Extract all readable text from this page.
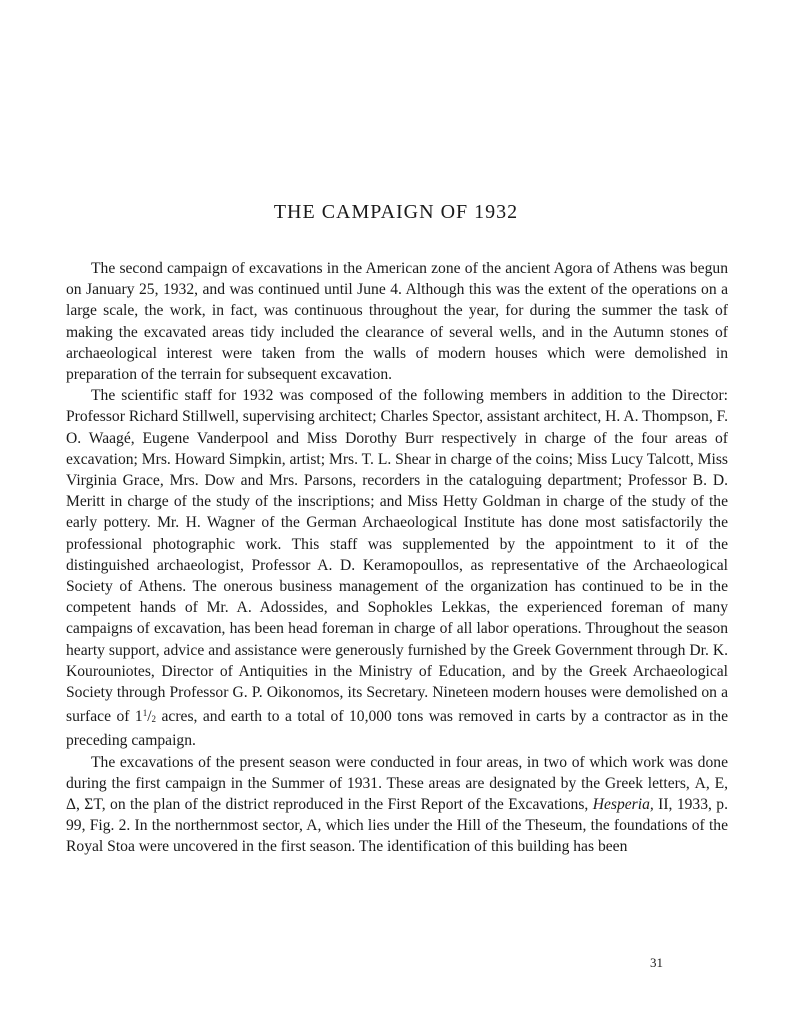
THE CAMPAIGN OF 1932

The second campaign of excavations in the American zone of the ancient Agora of Athens was begun on January 25, 1932, and was continued until June 4. Although this was the extent of the operations on a large scale, the work, in fact, was continuous throughout the year, for during the summer the task of making the excavated areas tidy included the clearance of several wells, and in the Autumn stones of archaeological interest were taken from the walls of modern houses which were demolished in preparation of the terrain for subsequent excavation.

The scientific staff for 1932 was composed of the following members in addition to the Director: Professor Richard Stillwell, supervising architect; Charles Spector, assistant architect, H. A. Thompson, F. O. Waagé, Eugene Vanderpool and Miss Dorothy Burr respectively in charge of the four areas of excavation; Mrs. Howard Simpkin, artist; Mrs. T. L. Shear in charge of the coins; Miss Lucy Talcott, Miss Virginia Grace, Mrs. Dow and Mrs. Parsons, recorders in the cataloguing department; Professor B. D. Meritt in charge of the study of the inscriptions; and Miss Hetty Goldman in charge of the study of the early pottery. Mr. H. Wagner of the German Archaeological Institute has done most satisfactorily the professional photographic work. This staff was supplemented by the appointment to it of the distinguished archaeologist, Professor A. D. Keramopoullos, as representative of the Archaeological Society of Athens. The onerous business management of the organization has continued to be in the competent hands of Mr. A. Adossides, and Sophokles Lekkas, the experienced foreman of many campaigns of excavation, has been head foreman in charge of all labor operations. Throughout the season hearty support, advice and assistance were generously furnished by the Greek Government through Dr. K. Kourouniotes, Director of Antiquities in the Ministry of Education, and by the Greek Archaeological Society through Professor G. P. Oikonomos, its Secretary. Nineteen modern houses were demolished on a surface of $1^1/_2$ acres, and earth to a total of 10,000 tons was removed in carts by a contractor as in the preceding campaign.

The excavations of the present season were conducted in four areas, in two of which work was done during the first campaign in the Summer of 1931. These areas are designated by the Greek letters, Α, Ε, Δ, ΣΤ, on the plan of the district reproduced in the First Report of the Excavations, Hesperia, II, 1933, p. 99, Fig. 2. In the northernmost sector, A, which lies under the Hill of the Theseum, the foundations of the Royal Stoa were uncovered in the first season. The identification of this building has been

31
